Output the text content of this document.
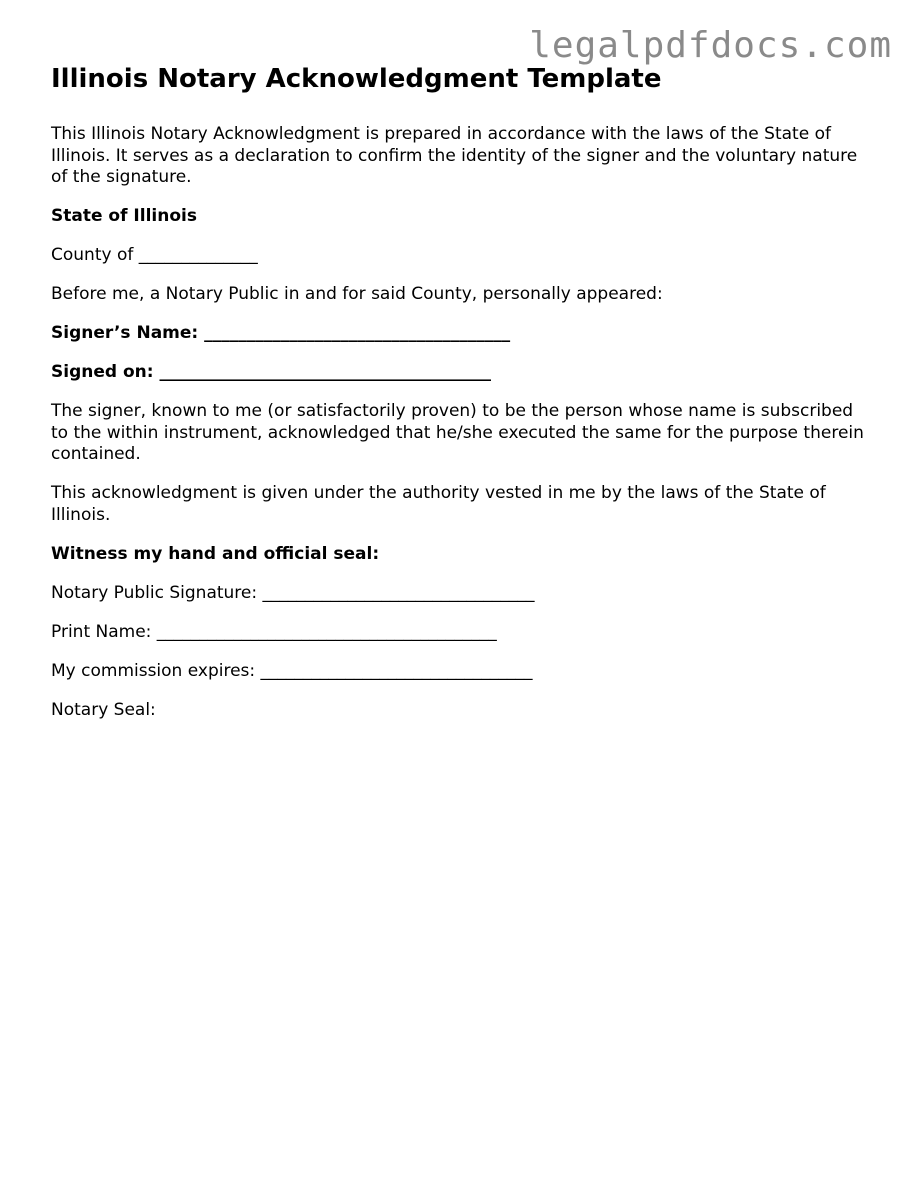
legalpdfdocs.com
Illinois Notary Acknowledgment Template

This Illinois Notary Acknowledgment is prepared in accordance with the laws of the State of Illinois. It serves as a declaration to confirm the identity of the signer and the voluntary nature of the signature.

State of Illinois

County of ______________

Before me, a Notary Public in and for said County, personally appeared:

Signer’s Name: ____________________________________

Signed on: _______________________________________

The signer, known to me (or satisfactorily proven) to be the person whose name is subscribed to the within instrument, acknowledged that he/she executed the same for the purpose therein contained.

This acknowledgment is given under the authority vested in me by the laws of the State of Illinois.

Witness my hand and official seal:

Notary Public Signature: ________________________________

Print Name: ________________________________________

My commission expires: ________________________________

Notary Seal:
